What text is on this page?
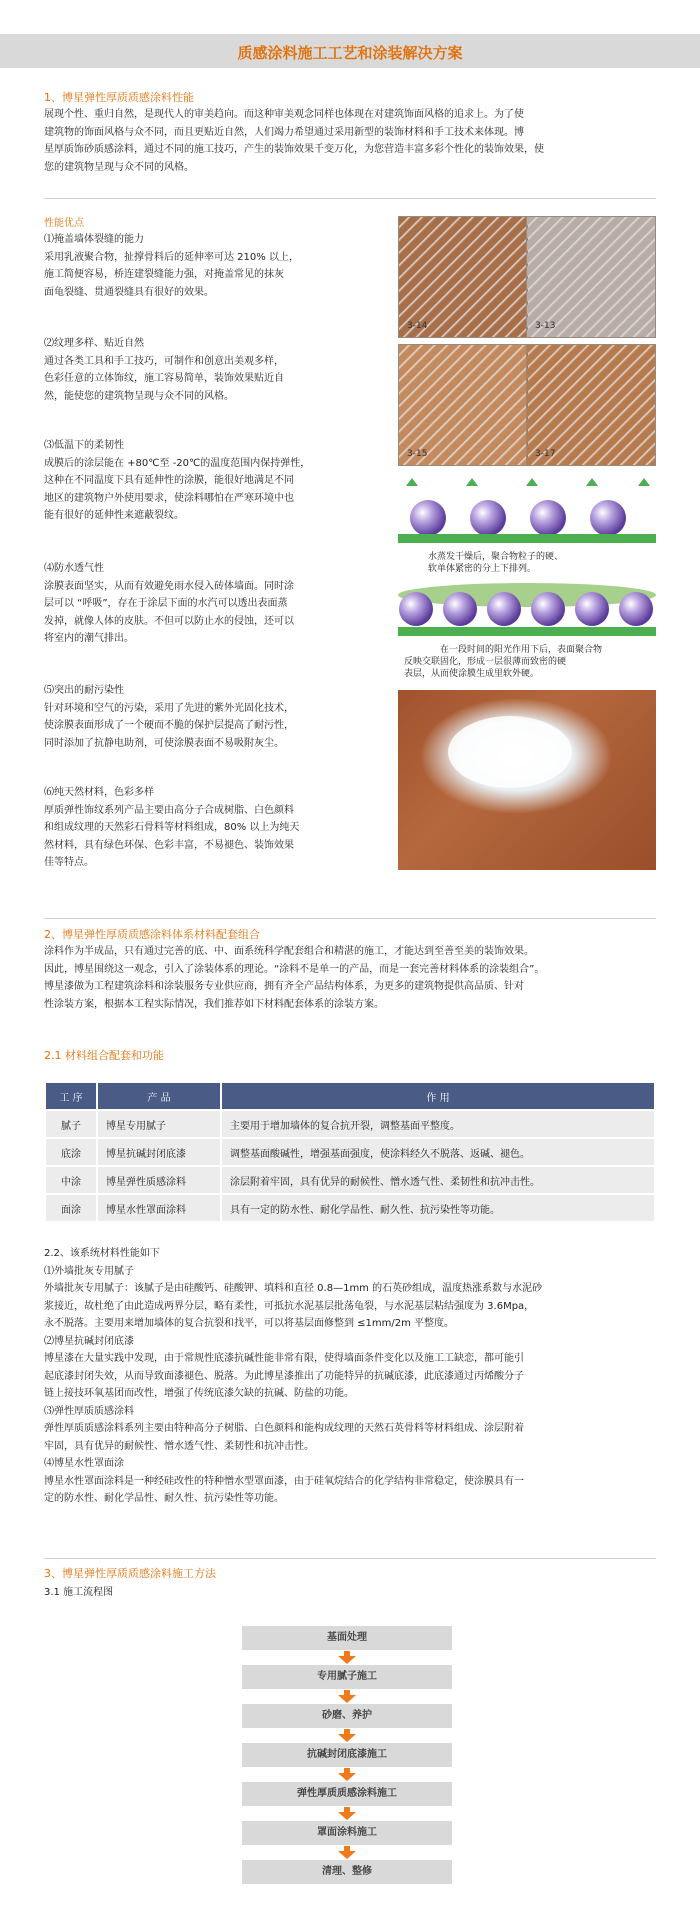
质感涂料施工工艺和涂装解决方案
1、博星弹性厚质质感涂料性能
展现个性、重归自然，是现代人的审美趋向。而这种审美观念同样也体现在对建筑饰面风格的追求上。为了使
建筑物的饰面风格与众不同，而且更贴近自然，人们竭力希望通过采用新型的装饰材料和手工技术来体现。博
星厚质饰砂质感涂料，通过不同的施工技巧，产生的装饰效果千变万化，为您营造丰富多彩个性化的装饰效果，使
您的建筑物呈现与众不同的风格。
性能优点
⑴掩盖墙体裂缝的能力
采用乳液聚合物，扯撑骨料后的延伸率可达 210% 以上，
施工简便容易，桥连建裂缝能力强，对掩盖常见的抹灰
面龟裂缝、贯通裂缝具有很好的效果。
⑵纹理多样、贴近自然
通过各类工具和手工技巧，可制作和创意出美观多样，
色彩任意的立体饰纹，施工容易简单，装饰效果贴近自
然，能使您的建筑物呈现与众不同的风格。
⑶低温下的柔韧性
成膜后的涂层能在 +80℃至 -20℃的温度范围内保持弹性，
这种在不同温度下具有延伸性的涂膜，能很好地满足不同
地区的建筑物户外使用要求，使涂料哪怕在严寒环境中也
能有很好的延伸性来遮蔽裂纹。
⑷防水透气性
涂膜表面坚实，从而有效避免雨水侵入砖体墙面。同时涂
层可以 “呼吸”，存在于涂层下面的水汽可以透出表面蒸
发掉，就像人体的皮肤。不但可以防止水的侵蚀，还可以
将室内的潮气排出。
⑸突出的耐污染性
针对环境和空气的污染，采用了先进的紫外光固化技术，
使涂膜表面形成了一个硬而不脆的保护层提高了耐污性，
同时添加了抗静电助剂，可使涂膜表面不易吸附灰尘。
⑹纯天然材料，色彩多样
厚质弹性饰纹系列产品主要由高分子合成树脂、白色颜料
和组成纹理的天然彩石骨料等材料组成，80% 以上为纯天
然材料，具有绿色环保、色彩丰富，不易褪色、装饰效果
佳等特点。
3-14	3-13
3-15	3-17
水蒸发干燥后，聚合物粒子的硬、
软单体紧密的分上下排列。
在一段时间的阳光作用下后，表面聚合物
反映交联固化，形成一层很薄而致密的硬
表层，从而使涂膜生成里软外硬。
2、博星弹性厚质质感涂料体系材料配套组合
涂料作为半成品，只有通过完善的底、中、面系统科学配套组合和精湛的施工，才能达到至善至美的装饰效果。
因此，博星围绕这一观念，引入了涂装体系的理论。“涂料不是单一的产品，而是一套完善材料体系的涂装组合”。
博星漆做为工程建筑涂料和涂装服务专业供应商，拥有齐全产品结构体系，为更多的建筑物提供高品质、针对
性涂装方案，根据本工程实际情况，我们推荐如下材料配套体系的涂装方案。
2.1 材料组合配套和功能
工 序	产 品	作 用
腻子	博星专用腻子	主要用于增加墙体的复合抗开裂，调整基面平整度。
底涂	博星抗碱封闭底漆	调整基面酸碱性，增强基面强度，使涂料经久不脱落、返碱、褪色。
中涂	博星弹性质感涂料	涂层附着牢固，具有优异的耐候性、憎水透气性、柔韧性和抗冲击性。
面涂	博星水性罩面涂料	具有一定的防水性、耐化学品性、耐久性、抗污染性等功能。
2.2、该系统材料性能如下
⑴外墙批灰专用腻子
外墙批灰专用腻子：该腻子是由硅酸钙、硅酸钾、填料和直径 0.8—1mm 的石英砂组成，温度热涨系数与水泥砂
浆接近，故杜绝了由此造成两界分层，略有柔性，可抵抗水泥基层批荡龟裂，与水泥基层粘结强度为 3.6Mpa，
永不脱落。主要用来增加墙体的复合抗裂和找平，可以将基层面修整到 ≤1mm/2m 平整度。
⑵博星抗碱封闭底漆
博星漆在大量实践中发现，由于常规性底漆抗碱性能非常有限，使得墙面条件变化以及施工工缺恋，都可能引
起底漆封闭失效，从而导致面漆褪色、脱落。为此博星漆推出了功能特异的抗碱底漆，此底漆通过丙烯酸分子
链上接技环氧基团而改性，增强了传统底漆欠缺的抗碱、防盐的功能。
⑶弹性厚质质感涂料
弹性厚质质感涂料系列主要由特种高分子树脂、白色颜料和能构成纹理的天然石英骨料等材料组成、涂层附着
牢固，具有优异的耐候性、憎水透气性、柔韧性和抗冲击性。
⑷博星水性罩面涂
博星水性罩面涂料是一种经硅改性的特种憎水型罩面漆，由于硅氧烷结合的化学结构非常稳定，使涂膜具有一
定的防水性、耐化学品性、耐久性、抗污染性等功能。
3、博星弹性厚质质感涂料施工方法
3.1 施工流程图
基面处理
专用腻子施工
砂磨、养护
抗碱封闭底漆施工
弹性厚质质感涂料施工
罩面涂料施工
清理、整修
